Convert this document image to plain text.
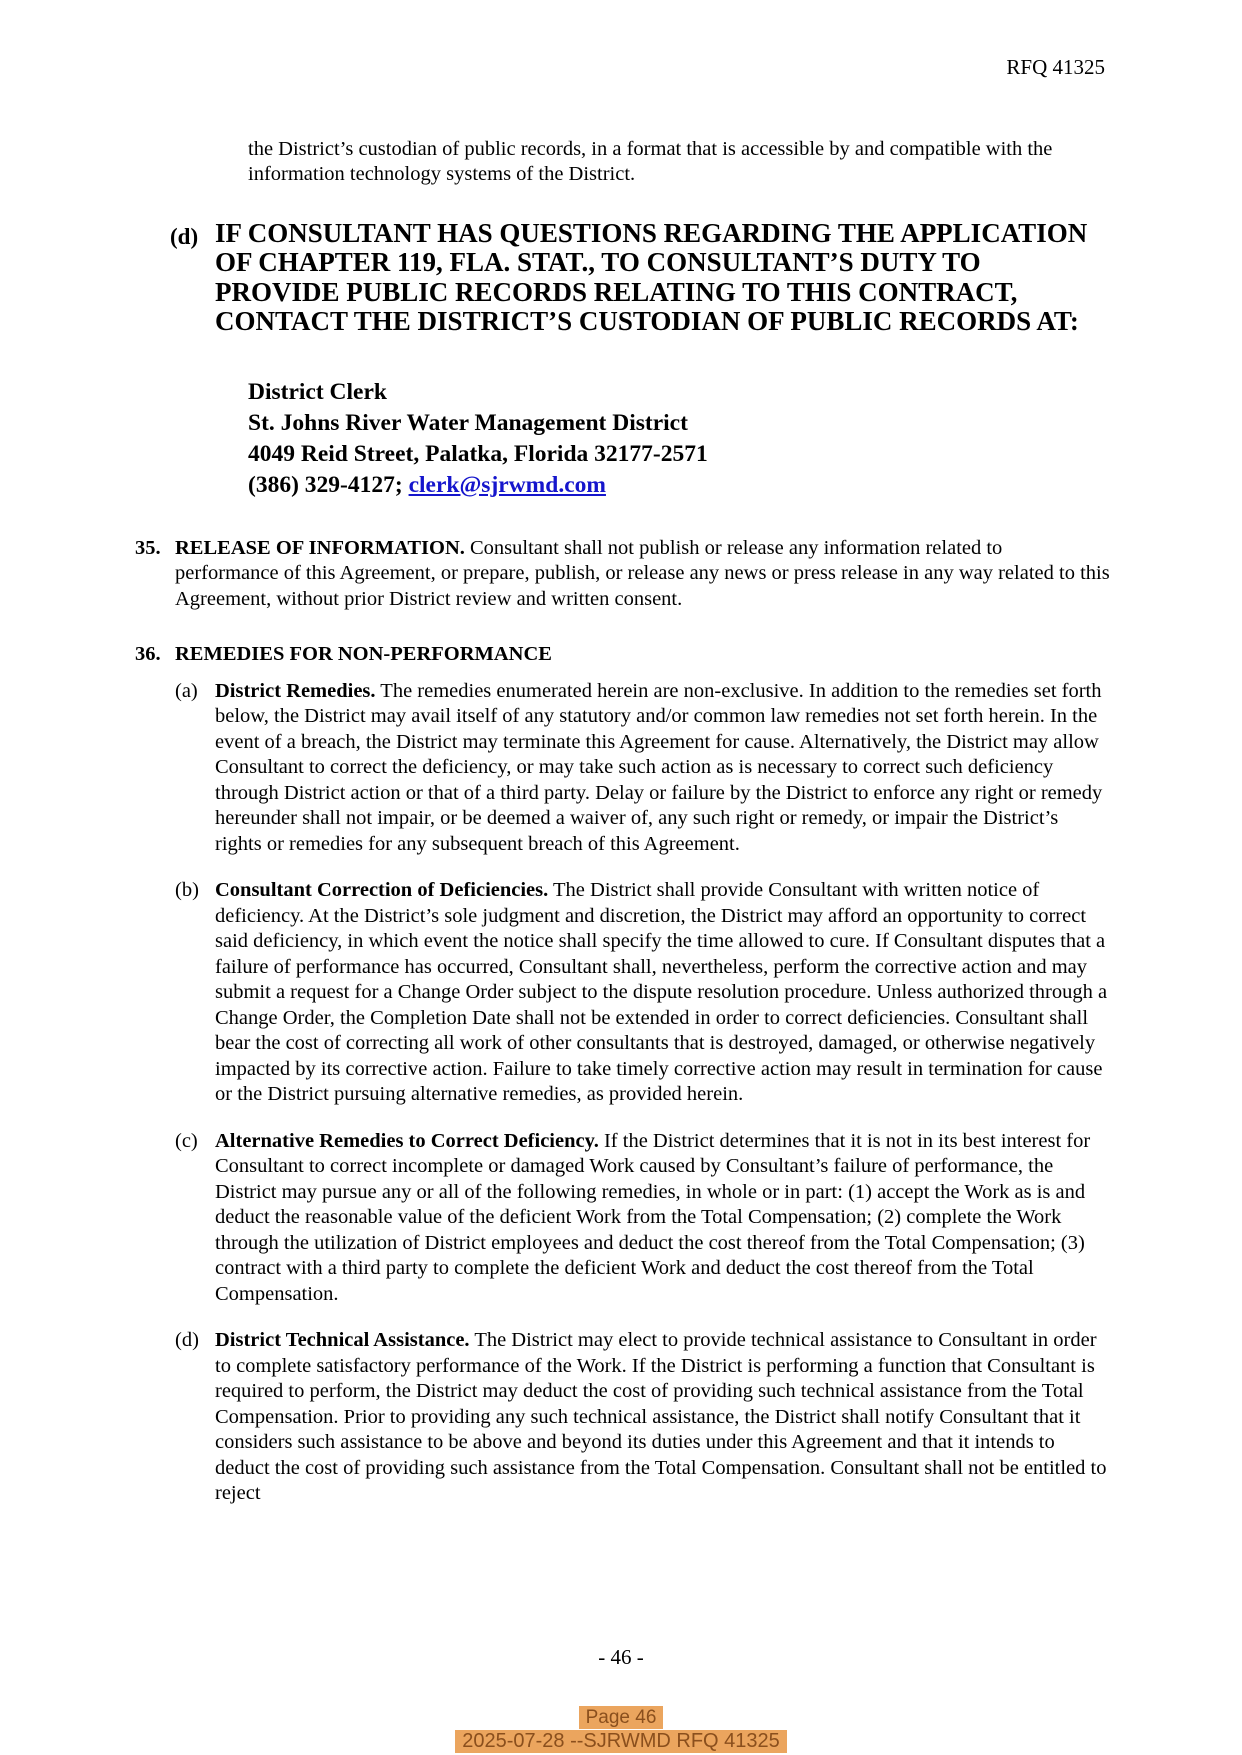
RFQ 41325

the District’s custodian of public records, in a format that is accessible by and compatible with the information technology systems of the District.

(d) IF CONSULTANT HAS QUESTIONS REGARDING THE APPLICATION OF CHAPTER 119, FLA. STAT., TO CONSULTANT’S DUTY TO PROVIDE PUBLIC RECORDS RELATING TO THIS CONTRACT, CONTACT THE DISTRICT’S CUSTODIAN OF PUBLIC RECORDS AT:
District Clerk
St. Johns River Water Management District
4049 Reid Street, Palatka, Florida 32177-2571
(386) 329-4127; clerk@sjrwmd.com
35. RELEASE OF INFORMATION. Consultant shall not publish or release any information related to performance of this Agreement, or prepare, publish, or release any news or press release in any way related to this Agreement, without prior District review and written consent.
36. REMEDIES FOR NON-PERFORMANCE
(a) District Remedies. The remedies enumerated herein are non-exclusive. In addition to the remedies set forth below, the District may avail itself of any statutory and/or common law remedies not set forth herein. In the event of a breach, the District may terminate this Agreement for cause. Alternatively, the District may allow Consultant to correct the deficiency, or may take such action as is necessary to correct such deficiency through District action or that of a third party. Delay or failure by the District to enforce any right or remedy hereunder shall not impair, or be deemed a waiver of, any such right or remedy, or impair the District’s rights or remedies for any subsequent breach of this Agreement.
(b) Consultant Correction of Deficiencies. The District shall provide Consultant with written notice of deficiency. At the District’s sole judgment and discretion, the District may afford an opportunity to correct said deficiency, in which event the notice shall specify the time allowed to cure. If Consultant disputes that a failure of performance has occurred, Consultant shall, nevertheless, perform the corrective action and may submit a request for a Change Order subject to the dispute resolution procedure. Unless authorized through a Change Order, the Completion Date shall not be extended in order to correct deficiencies. Consultant shall bear the cost of correcting all work of other consultants that is destroyed, damaged, or otherwise negatively impacted by its corrective action. Failure to take timely corrective action may result in termination for cause or the District pursuing alternative remedies, as provided herein.
(c) Alternative Remedies to Correct Deficiency. If the District determines that it is not in its best interest for Consultant to correct incomplete or damaged Work caused by Consultant’s failure of performance, the District may pursue any or all of the following remedies, in whole or in part: (1) accept the Work as is and deduct the reasonable value of the deficient Work from the Total Compensation; (2) complete the Work through the utilization of District employees and deduct the cost thereof from the Total Compensation; (3) contract with a third party to complete the deficient Work and deduct the cost thereof from the Total Compensation.
(d) District Technical Assistance. The District may elect to provide technical assistance to Consultant in order to complete satisfactory performance of the Work. If the District is performing a function that Consultant is required to perform, the District may deduct the cost of providing such technical assistance from the Total Compensation. Prior to providing any such technical assistance, the District shall notify Consultant that it considers such assistance to be above and beyond its duties under this Agreement and that it intends to deduct the cost of providing such assistance from the Total Compensation. Consultant shall not be entitled to reject
- 46 -
Page 46
2025-07-28 --SJRWMD RFQ 41325
